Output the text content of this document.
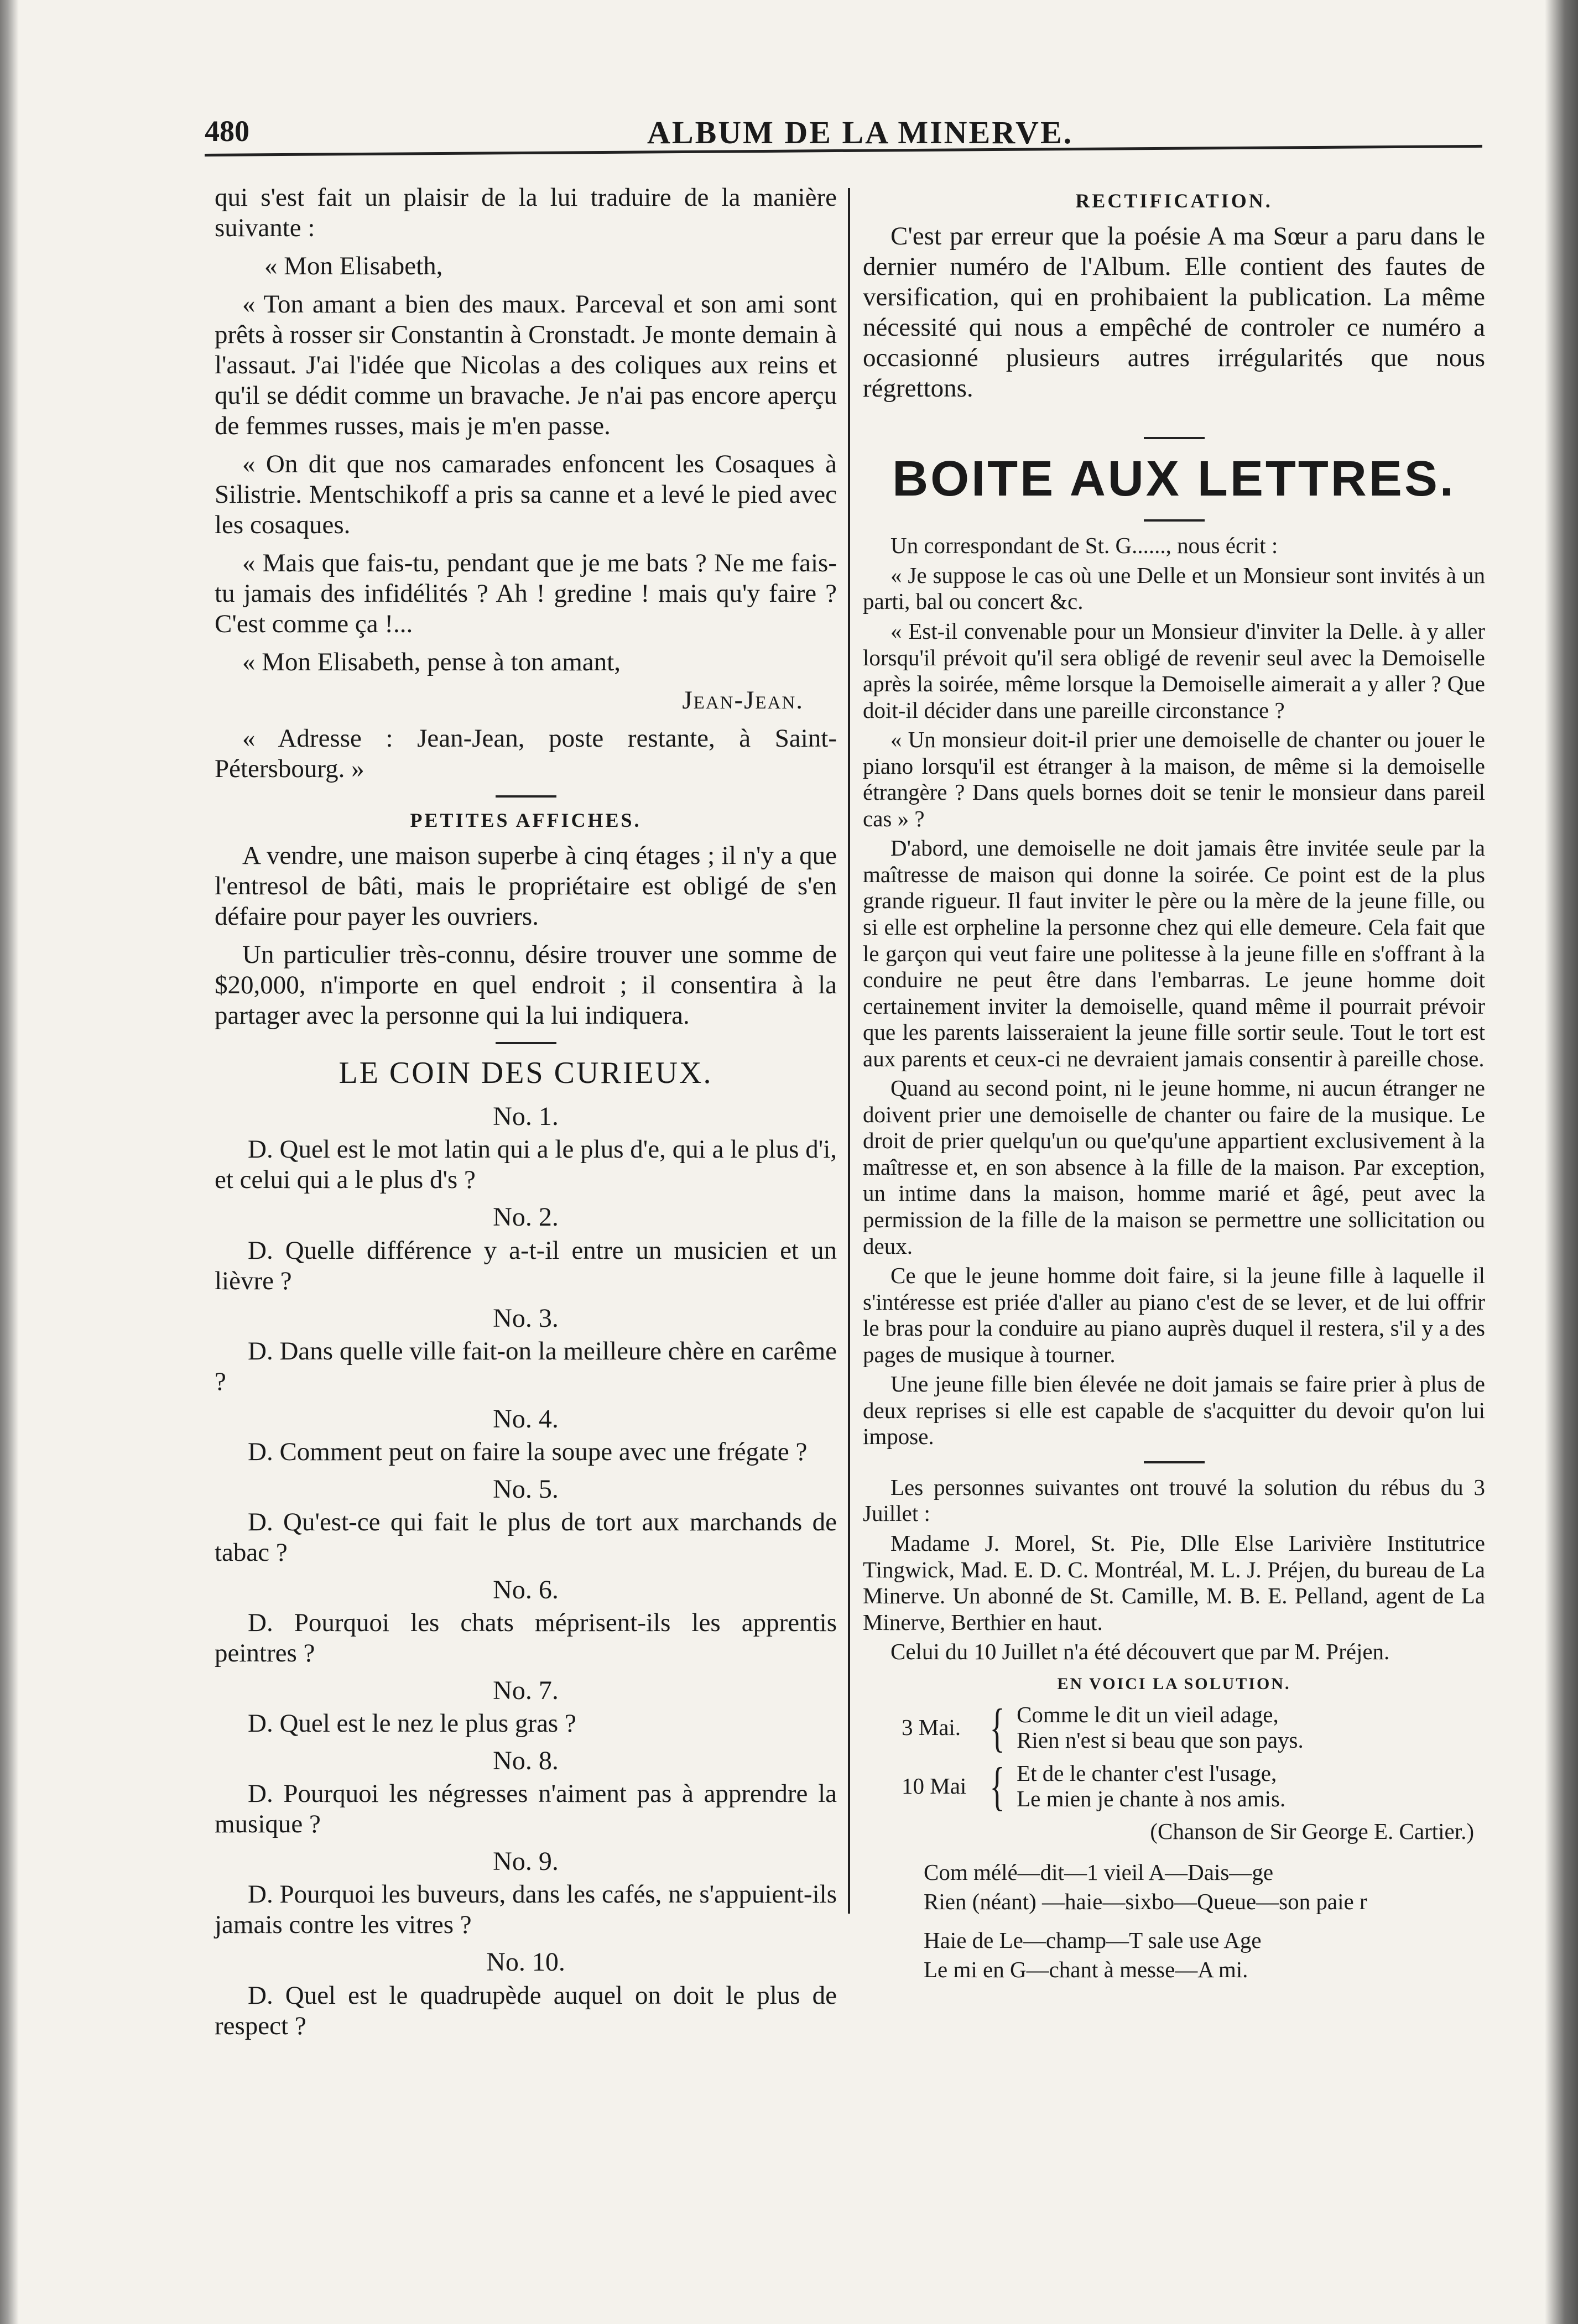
480	ALBUM DE LA MINERVE.

qui s'est fait un plaisir de la lui traduire de la manière suivante :

« Mon Elisabeth,

« Ton amant a bien des maux. Parceval et son ami sont prêts à rosser sir Constantin à Cronstadt. Je monte demain à l'assaut. J'ai l'idée que Nicolas a des coliques aux reins et qu'il se dédit comme un bravache. Je n'ai pas encore aperçu de femmes russes, mais je m'en passe.

« On dit que nos camarades enfoncent les Cosaques à Silistrie. Mentschikoff a pris sa canne et a levé le pied avec les cosaques.

« Mais que fais-tu, pendant que je me bats ? Ne me fais-tu jamais des infidélités ? Ah ! gredine ! mais qu'y faire ? C'est comme ça !...

« Mon Elisabeth, pense à ton amant,

Jean-Jean.

« Adresse : Jean-Jean, poste restante, à Saint-Pétersbourg. »

PETITES AFFICHES.

A vendre, une maison superbe à cinq étages ; il n'y a que l'entresol de bâti, mais le propriétaire est obligé de s'en défaire pour payer les ouvriers.

Un particulier très-connu, désire trouver une somme de $20,000, n'importe en quel endroit ; il consentira à la partager avec la personne qui la lui indiquera.

LE COIN DES CURIEUX.
No. 1.

D. Quel est le mot latin qui a le plus d'e, qui a le plus d'i, et celui qui a le plus d's ?

No. 2.

D. Quelle différence y a-t-il entre un musicien et un lièvre ?

No. 3.

D. Dans quelle ville fait-on la meilleure chère en carême ?

No. 4.

D. Comment peut on faire la soupe avec une frégate ?

No. 5.

D. Qu'est-ce qui fait le plus de tort aux marchands de tabac ?

No. 6.

D. Pourquoi les chats méprisent-ils les apprentis peintres ?

No. 7.

D. Quel est le nez le plus gras ?

No. 8.

D. Pourquoi les négresses n'aiment pas à apprendre la musique ?

No. 9.

D. Pourquoi les buveurs, dans les cafés, ne s'appuient-ils jamais contre les vitres ?

No. 10.

D. Quel est le quadrupède auquel on doit le plus de respect ?

RECTIFICATION.

C'est par erreur que la poésie A ma Sœur a paru dans le dernier numéro de l'Album. Elle contient des fautes de versification, qui en prohibaient la publication. La même nécessité qui nous a empêché de controler ce numéro a occasionné plusieurs autres irrégularités que nous régrettons.

BOITE AUX LETTRES.

Un correspondant de St. G......, nous écrit :

« Je suppose le cas où une Delle et un Monsieur sont invités à un parti, bal ou concert &c.

« Est-il convenable pour un Monsieur d'inviter la Delle. à y aller lorsqu'il prévoit qu'il sera obligé de revenir seul avec la Demoiselle après la soirée, même lorsque la Demoiselle aimerait a y aller ? Que doit-il décider dans une pareille circonstance ?

« Un monsieur doit-il prier une demoiselle de chanter ou jouer le piano lorsqu'il est étranger à la maison, de même si la demoiselle étrangère ? Dans quels bornes doit se tenir le monsieur dans pareil cas » ?

D'abord, une demoiselle ne doit jamais être invitée seule par la maîtresse de maison qui donne la soirée. Ce point est de la plus grande rigueur. Il faut inviter le père ou la mère de la jeune fille, ou si elle est orpheline la personne chez qui elle demeure. Cela fait que le garçon qui veut faire une politesse à la jeune fille en s'offrant à la conduire ne peut être dans l'embarras. Le jeune homme doit certainement inviter la demoiselle, quand même il pourrait prévoir que les parents laisseraient la jeune fille sortir seule. Tout le tort est aux parents et ceux-ci ne devraient jamais consentir à pareille chose.

Quand au second point, ni le jeune homme, ni aucun étranger ne doivent prier une demoiselle de chanter ou faire de la musique. Le droit de prier quelqu'un ou que'qu'une appartient exclusivement à la maîtresse et, en son absence à la fille de la maison. Par exception, un intime dans la maison, homme marié et âgé, peut avec la permission de la fille de la maison se permettre une sollicitation ou deux.

Ce que le jeune homme doit faire, si la jeune fille à laquelle il s'intéresse est priée d'aller au piano c'est de se lever, et de lui offrir le bras pour la conduire au piano auprès duquel il restera, s'il y a des pages de musique à tourner.

Une jeune fille bien élevée ne doit jamais se faire prier à plus de deux reprises si elle est capable de s'acquitter du devoir qu'on lui impose.

Les personnes suivantes ont trouvé la solution du rébus du 3 Juillet :

Madame J. Morel, St. Pie, Dlle Else Larivière Institutrice Tingwick, Mad. E. D. C. Montréal, M. L. J. Préjen, du bureau de La Minerve. Un abonné de St. Camille, M. B. E. Pelland, agent de La Minerve, Berthier en haut.

Celui du 10 Juillet n'a été découvert que par M. Préjen.

EN VOICI LA SOLUTION.
3 Mai. { Comme le dit un vieil adage,
Rien n'est si beau que son pays.
10 Mai { Et de le chanter c'est l'usage,
Le mien je chante à nos amis.
(Chanson de Sir George E. Cartier.)
Com mélé—dit—1 vieil A—Dais—ge
Rien (néant) —haie—sixbo—Queue—son paie r
Haie de Le—champ—T sale use Age
Le mi en G—chant à messe—A mi.
